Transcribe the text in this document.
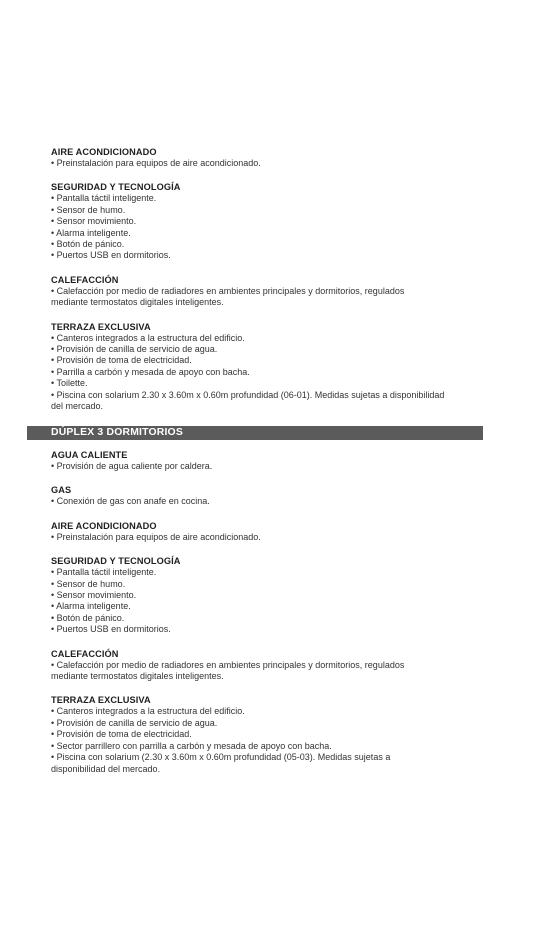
AIRE ACONDICIONADO

• Preinstalación para equipos de aire acondicionado.

SEGURIDAD Y TECNOLOGÍA

• Pantalla táctil inteligente.

• Sensor de humo.

• Sensor movimiento.

• Alarma inteligente.

• Botón de pánico.

• Puertos USB en dormitorios.

CALEFACCIÓN

• Calefacción por medio de radiadores en ambientes principales y dormitorios, regulados

mediante termostatos digitales inteligentes.

TERRAZA EXCLUSIVA

• Canteros integrados a la estructura del edificio.

• Provisión de canilla de servicio de agua.

• Provisión de toma de electricidad.

• Parrilla a carbón y mesada de apoyo con bacha.

• Toilette.

• Piscina con solarium 2.30 x 3.60m x 0.60m profundidad (06-01). Medidas sujetas a disponibilidad

del mercado.

DÚPLEX 3 DORMITORIOS

AGUA CALIENTE

• Provisión de agua caliente por caldera.

GAS

• Conexión de gas con anafe en cocina.

AIRE ACONDICIONADO

• Preinstalación para equipos de aire acondicionado.

SEGURIDAD Y TECNOLOGÍA

• Pantalla táctil inteligente.

• Sensor de humo.

• Sensor movimiento.

• Alarma inteligente.

• Botón de pánico.

• Puertos USB en dormitorios.

CALEFACCIÓN

• Calefacción por medio de radiadores en ambientes principales y dormitorios, regulados

mediante termostatos digitales inteligentes.

TERRAZA EXCLUSIVA

• Canteros integrados a la estructura del edificio.

• Provisión de canilla de servicio de agua.

• Provisión de toma de electricidad.

• Sector parrillero con parrilla a carbón y mesada de apoyo con bacha.

• Piscina con solarium (2.30 x 3.60m x 0.60m profundidad (05-03). Medidas sujetas a

disponibilidad del mercado.
